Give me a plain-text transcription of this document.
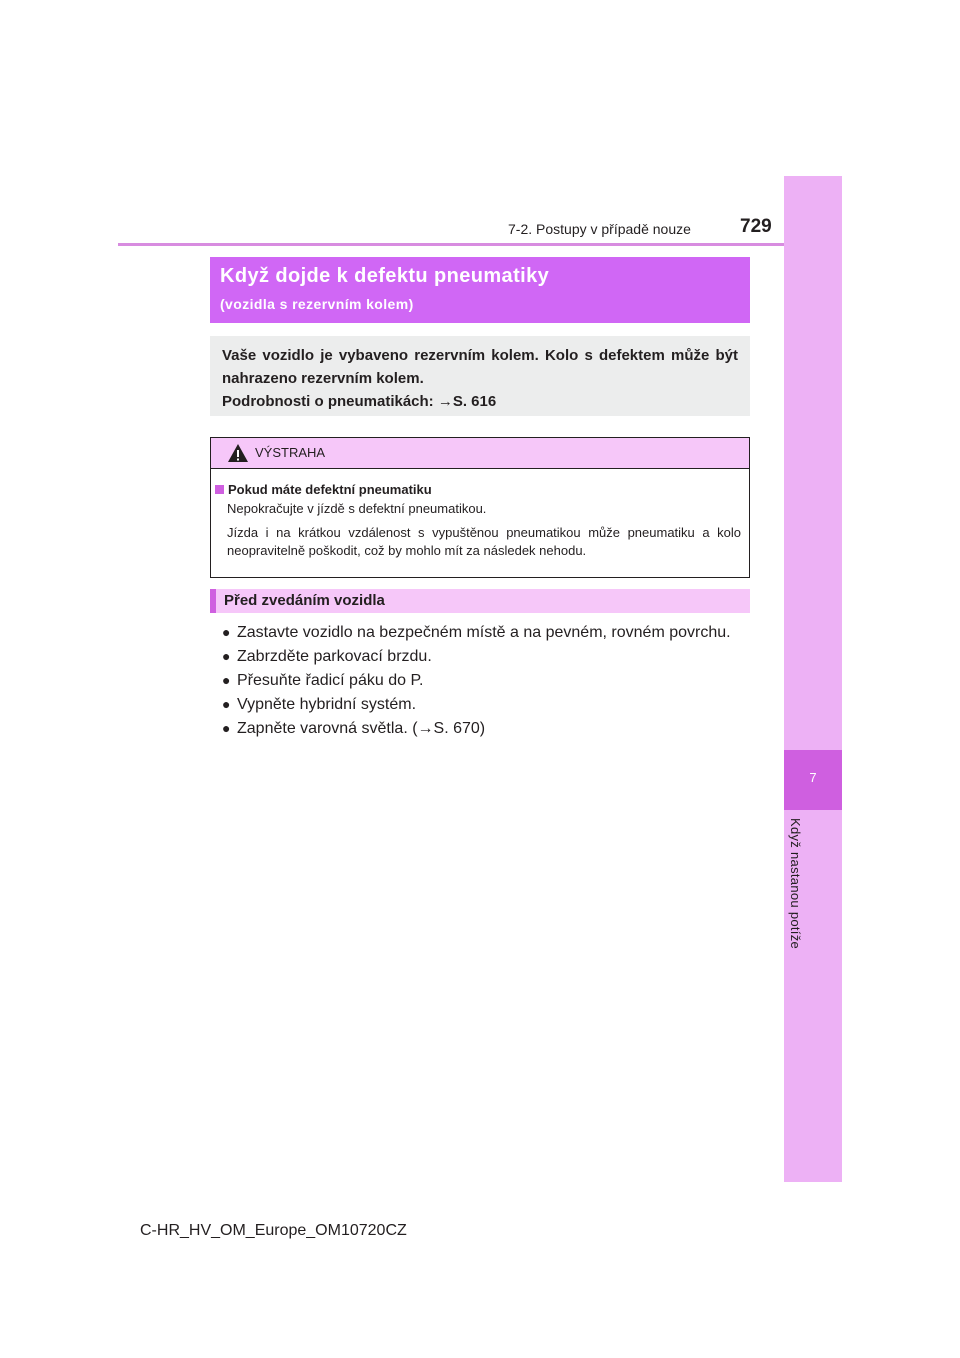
7-2. Postupy v případě nouze	729
7
Když nastanou potíže
Když dojde k defektu pneumatiky
(vozidla s rezervním kolem)
Vaše vozidlo je vybaveno rezervním kolem. Kolo s defektem může být nahrazeno rezervním kolem.
Podrobnosti o pneumatikách: →S. 616
VÝSTRAHA
Pokud máte defektní pneumatiku
Nepokračujte v jízdě s defektní pneumatikou.
Jízda i na krátkou vzdálenost s vypuštěnou pneumatikou může pneumatiku a kolo neopravitelně poškodit, což by mohlo mít za následek nehodu.
Před zvedáním vozidla
● Zastavte vozidlo na bezpečném místě a na pevném, rovném povrchu.
● Zabrzděte parkovací brzdu.
● Přesuňte řadicí páku do P.
● Vypněte hybridní systém.
● Zapněte varovná světla. (→S. 670)
C-HR_HV_OM_Europe_OM10720CZ
